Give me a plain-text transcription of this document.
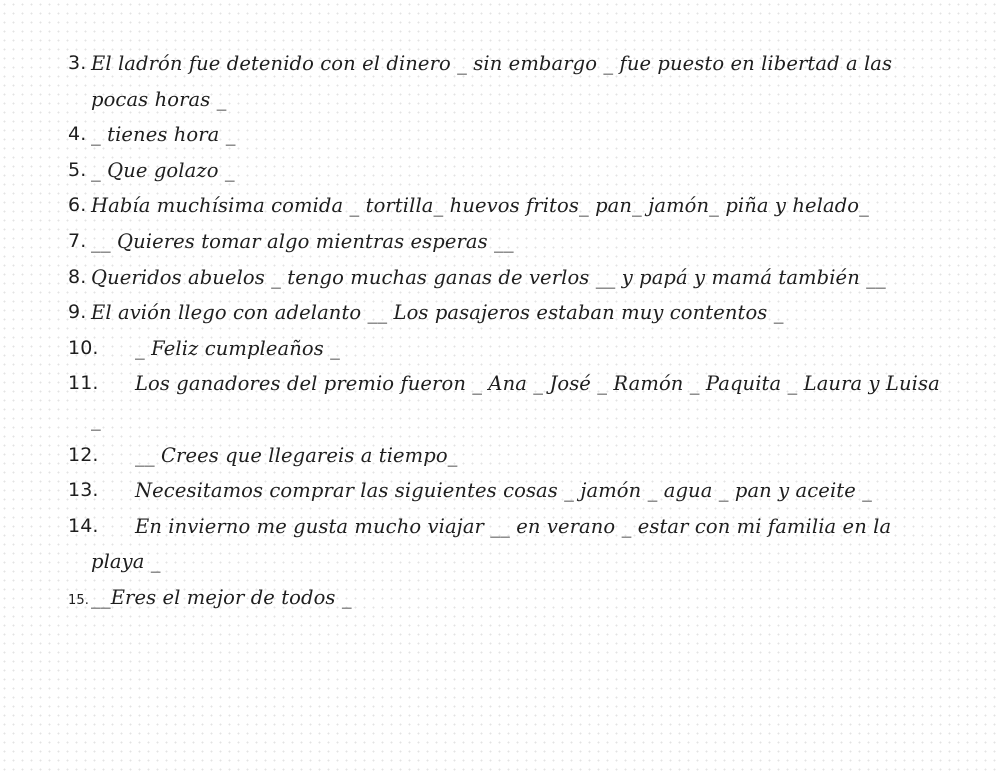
3. El ladrón fue detenido con el dinero _ sin embargo _ fue puesto en libertad a las pocas horas _
4. _ tienes hora _
5. _ Que golazo _
6. Había muchísima comida _ tortilla_ huevos fritos_ pan_ jamón_ piña y helado_
7. __ Quieres tomar algo mientras esperas __
8. Queridos abuelos _ tengo muchas ganas de verlos __ y papá y mamá también __
9. El avión llego con adelanto __ Los pasajeros estaban muy contentos _
10.	_ Feliz cumpleaños _
11.	Los ganadores del premio fueron _ Ana _ José _ Ramón _ Paquita _ Laura y Luisa _
12.	__ Crees que llegareis a tiempo_
13.	Necesitamos comprar las siguientes cosas _ jamón _ agua _ pan y aceite _
14.	En invierno me gusta mucho viajar __ en verano _ estar con mi familia en la playa _
15. __Eres el mejor de todos _
